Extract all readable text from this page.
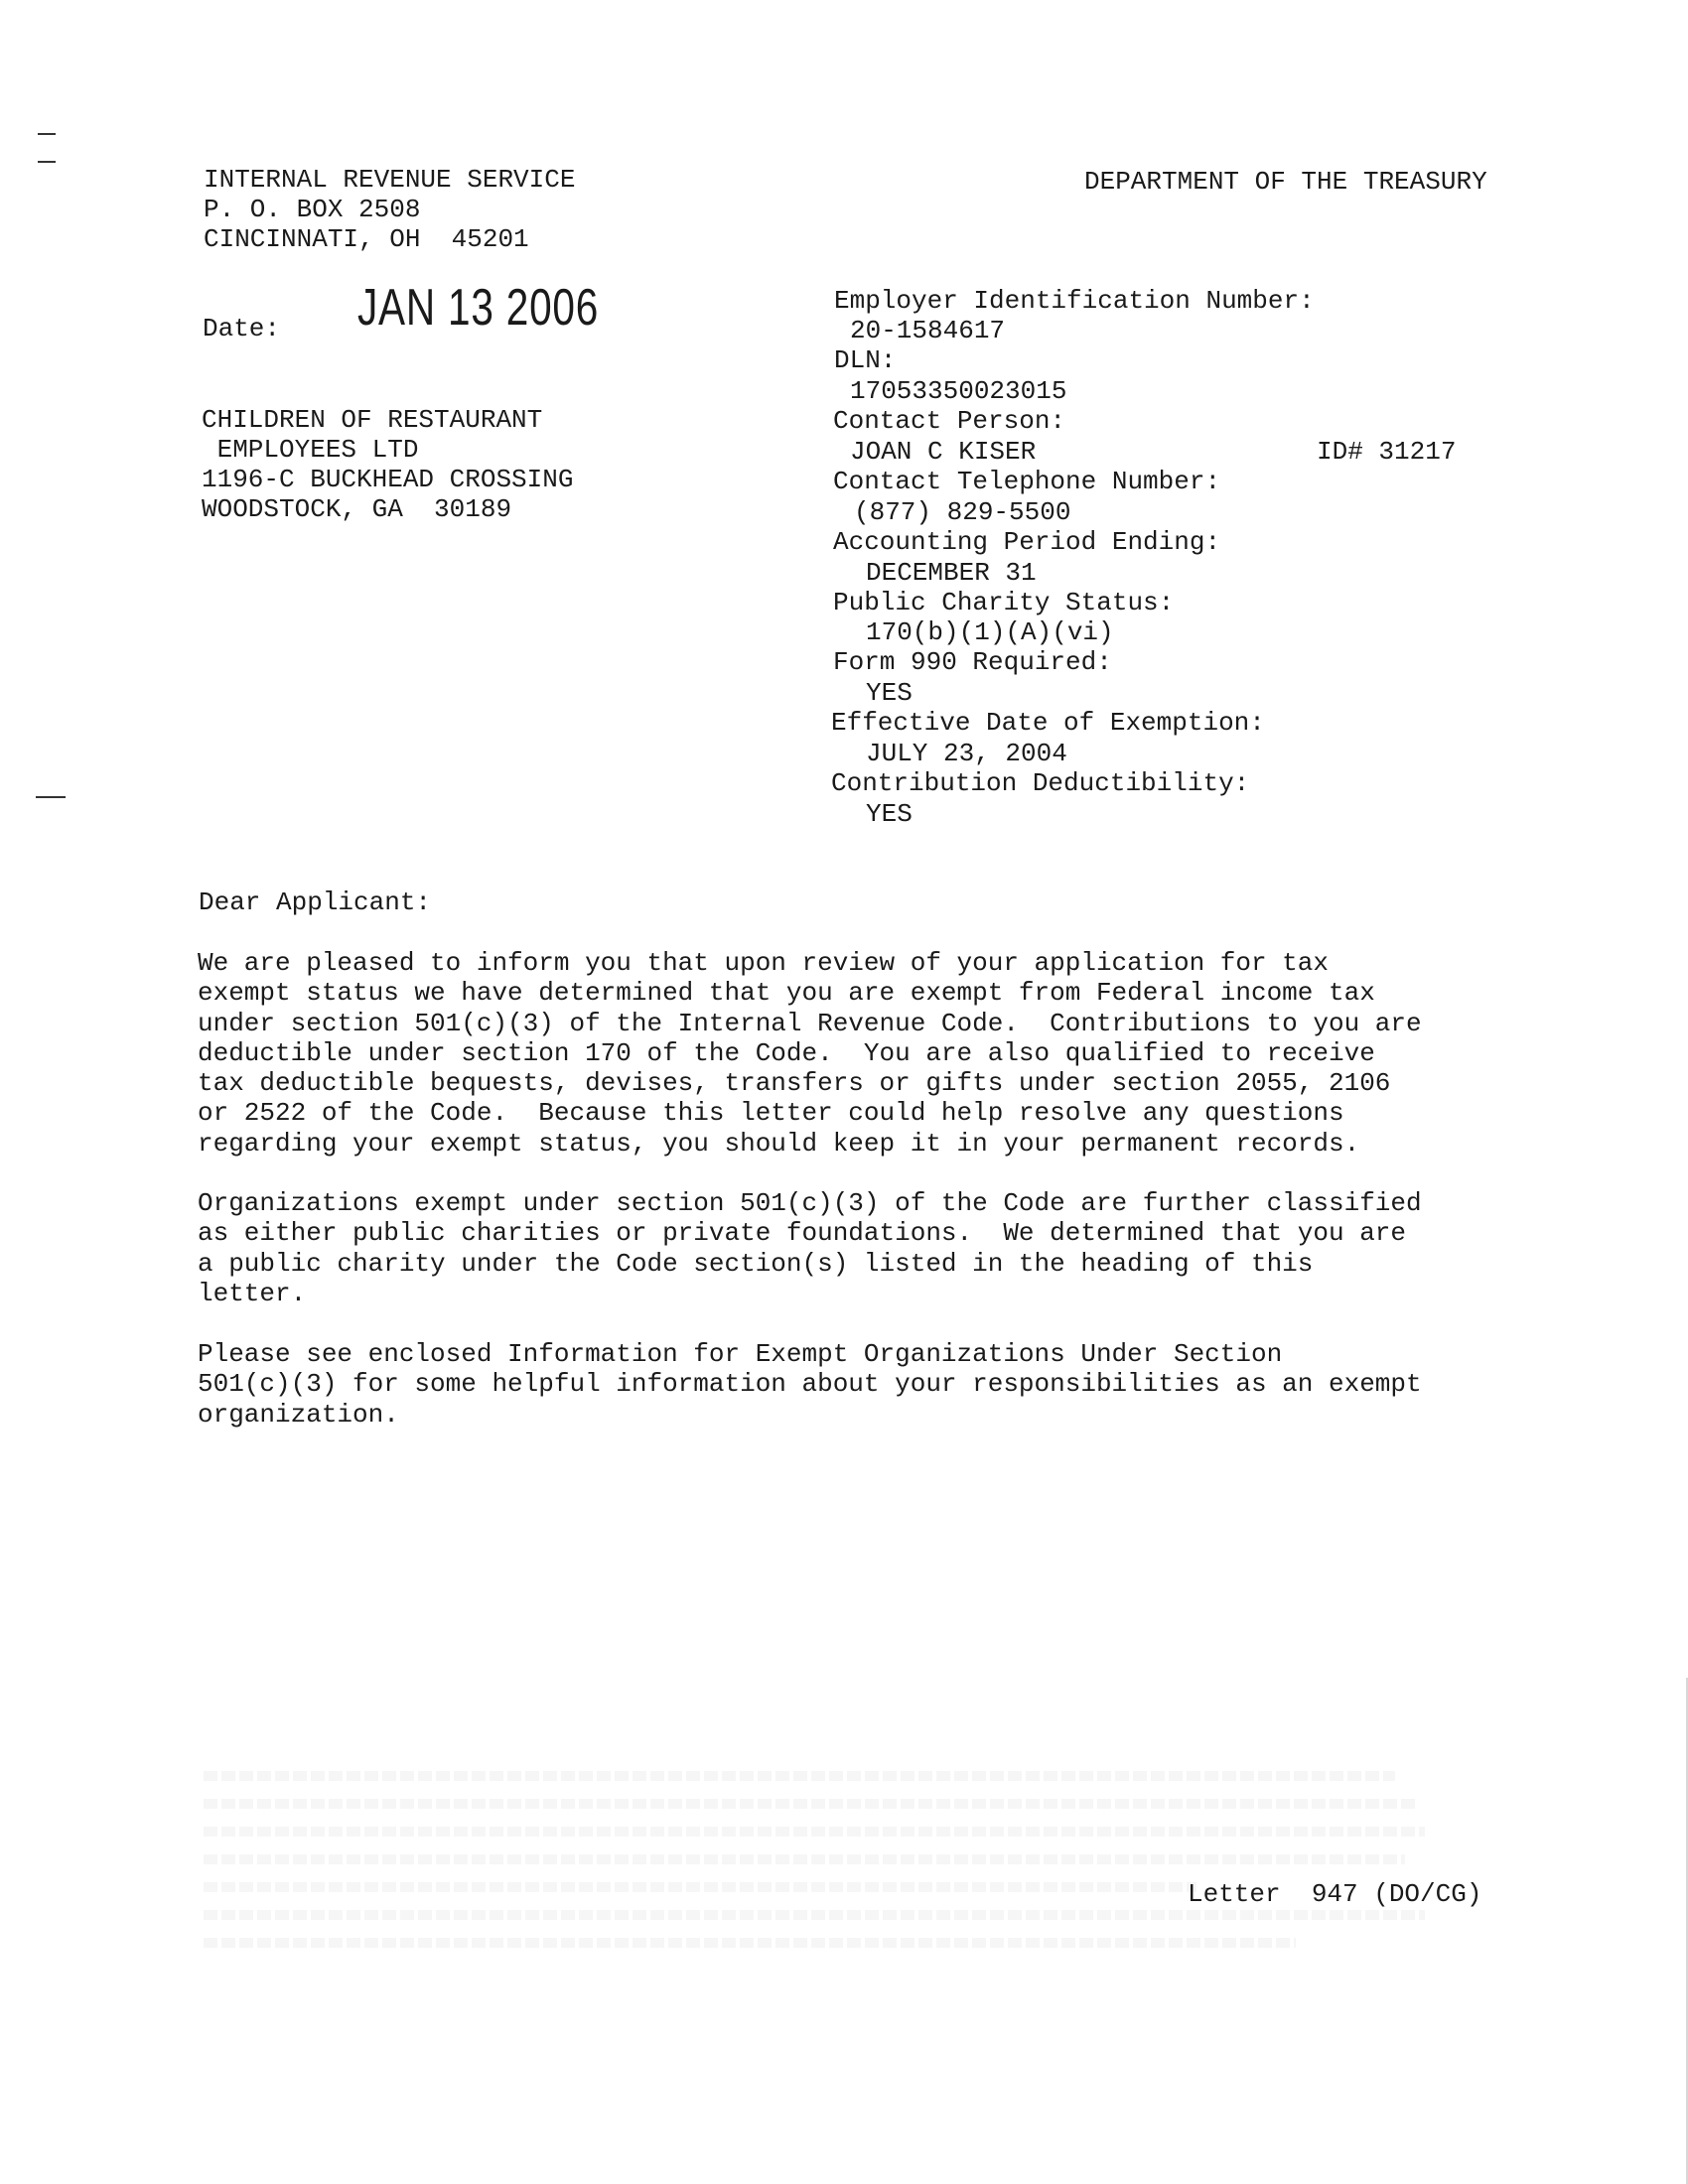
INTERNAL REVENUE SERVICE
P. O. BOX 2508
CINCINNATI, OH  45201
DEPARTMENT OF THE TREASURY
Date: JAN 13 2006
CHILDREN OF RESTAURANT
EMPLOYEES LTD
1196-C BUCKHEAD CROSSING
WOODSTOCK, GA  30189
Employer Identification Number:
20-1584617
DLN:
17053350023015
Contact Person:
JOAN C KISER	ID# 31217
Contact Telephone Number:
(877) 829-5500
Accounting Period Ending:
DECEMBER 31
Public Charity Status:
170(b)(1)(A)(vi)
Form 990 Required:
YES
Effective Date of Exemption:
JULY 23, 2004
Contribution Deductibility:
YES
Dear Applicant:
We are pleased to inform you that upon review of your application for tax
exempt status we have determined that you are exempt from Federal income tax
under section 501(c)(3) of the Internal Revenue Code.  Contributions to you are
deductible under section 170 of the Code.  You are also qualified to receive
tax deductible bequests, devises, transfers or gifts under section 2055, 2106
or 2522 of the Code.  Because this letter could help resolve any questions
regarding your exempt status, you should keep it in your permanent records.
Organizations exempt under section 501(c)(3) of the Code are further classified
as either public charities or private foundations.  We determined that you are
a public charity under the Code section(s) listed in the heading of this
letter.
Please see enclosed Information for Exempt Organizations Under Section
501(c)(3) for some helpful information about your responsibilities as an exempt
organization.
Letter  947 (DO/CG)
